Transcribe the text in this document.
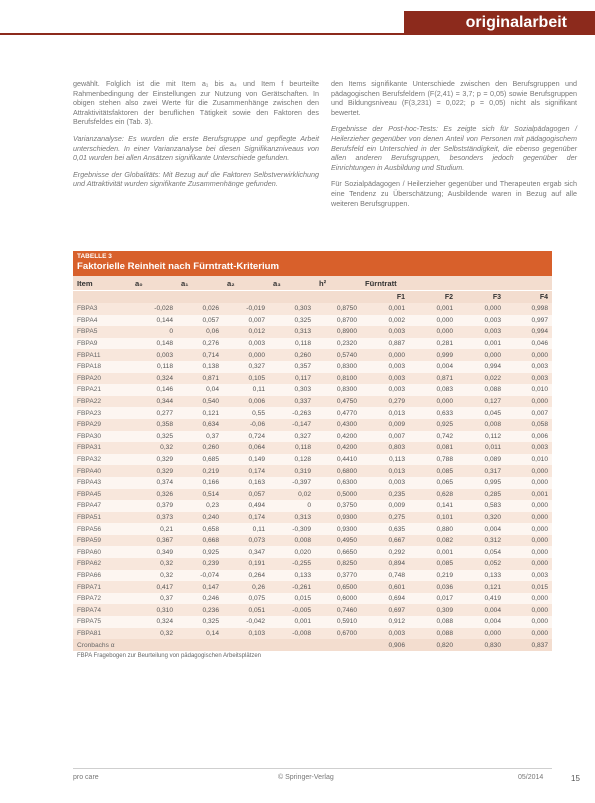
originalarbeit

gewählt. Folglich ist die mit Item a₁ bis a₄ und Item f beurteilte Rahmenbedingung der Einstellungen zur Nutzung von Gerätschaften. In obigen stehen also zwei Werte für die Zusammenhänge zwischen den Attraktivitätsfaktoren der beruflichen Tätigkeit sowie den Faktoren des Berufsfeldes ein (Tab. 3).

Varianzanalyse: Es wurden die erste Berufsgruppe und gepflegte Arbeit unterschieden. In einer Varianzanalyse bei diesen Signifikanzniveaus von 0,01 wurden bei allen Ansätzen signifikante Unterschiede gefunden.

Ergebnisse der Globalitäts: Mit Bezug auf die Faktoren Selbstverwirklichung und Attraktivität wurden signifikante Zusammenhänge gefunden.

den Items signifikante Unterschiede zwischen den Berufsgruppen und pädagogischen Berufsfeldern (F(2,41) = 3,7; p = 0,05) sowie Berufsgruppen und Bildungsniveau (F(3,231) = 0,022; p = 0,05) nicht als signifikant bewertet.

Ergebnisse der Post-hoc-Tests: Es zeigte sich für Sozialpädagogen / Heilerzieher gegenüber von denen Anteil von Personen mit pädagogischem Berufsfeld ein Unterschied in der Selbstständigkeit, die ebenso gegenüber allen anderen Berufsgruppen, besonders jedoch gegenüber der Einrichtungen in Ausbildung und Studium.

Für Sozialpädagogen / Heilerzieher gegenüber und Therapeuten ergab sich eine Tendenz zu Überschätzung; Ausbildende waren in Bezug auf alle weiteren Berufsgruppen.

TABELLE 3
Faktorielle Reinheit nach Fürntratt-Kriterium
Item	a₀	a₁	a₂	a₃	h²	Fürntratt			
						F1	F2	F3	F4
FBPA3	-0,028	0,026	-0,019	0,303	0,8750	0,001	0,001	0,000	0,998
FBPA4	0,144	0,057	0,007	0,325	0,8700	0,002	0,000	0,003	0,997
FBPA5	0	0,06	0,012	0,313	0,8900	0,003	0,000	0,003	0,994
FBPA9	0,148	0,276	0,003	0,118	0,2320	0,887	0,281	0,001	0,046
FBPA11	0,003	0,714	0,000	0,260	0,5740	0,000	0,999	0,000	0,000
FBPA18	0,118	0,138	0,327	0,357	0,8300	0,003	0,004	0,994	0,003
FBPA20	0,324	0,871	0,105	0,117	0,8100	0,003	0,871	0,022	0,003
FBPA21	0,146	0,04	0,11	0,303	0,8300	0,003	0,083	0,088	0,010
FBPA22	0,344	0,540	0,006	0,337	0,4750	0,279	0,000	0,127	0,000
FBPA23	0,277	0,121	0,55	-0,263	0,4770	0,013	0,633	0,045	0,007
FBPA29	0,358	0,634	-0,06	-0,147	0,4300	0,009	0,925	0,008	0,058
FBPA30	0,325	0,37	0,724	0,327	0,4200	0,007	0,742	0,112	0,006
FBPA31	0,32	0,260	0,064	0,118	0,4200	0,803	0,081	0,011	0,003
FBPA32	0,329	0,685	0,149	0,128	0,4410	0,113	0,788	0,089	0,010
FBPA40	0,329	0,219	0,174	0,319	0,6800	0,013	0,085	0,317	0,000
FBPA43	0,374	0,166	0,163	-0,397	0,6300	0,003	0,065	0,995	0,000
FBPA45	0,326	0,514	0,057	0,02	0,5000	0,235	0,628	0,285	0,001
FBPA47	0,379	0,23	0,494	0	0,3750	0,009	0,141	0,583	0,000
FBPA51	0,373	0,240	0,174	0,313	0,9300	0,275	0,101	0,320	0,000
FBPA56	0,21	0,658	0,11	-0,309	0,9300	0,635	0,880	0,004	0,000
FBPA59	0,367	0,668	0,073	0,008	0,4950	0,667	0,082	0,312	0,000
FBPA60	0,349	0,925	0,347	0,020	0,6650	0,292	0,001	0,054	0,000
FBPA62	0,32	0,239	0,191	-0,255	0,8250	0,894	0,085	0,052	0,000
FBPA66	0,32	-0,074	0,264	0,133	0,3770	0,748	0,219	0,133	0,003
FBPA71	0,417	0,147	0,26	-0,261	0,6500	0,601	0,036	0,121	0,015
FBPA72	0,37	0,246	0,075	0,015	0,6000	0,694	0,017	0,419	0,000
FBPA74	0,310	0,236	0,051	-0,005	0,7460	0,697	0,309	0,004	0,000
FBPA75	0,324	0,325	-0,042	0,001	0,5910	0,912	0,088	0,004	0,000
FBPA81	0,32	0,14	0,103	-0,008	0,6700	0,003	0,088	0,000	0,000
Cronbachs α						0,906	0,820	0,830	0,837
FBPA Fragebogen zur Beurteilung von pädagogischen Arbeitsplätzen
pro care	© Springer-Verlag	05/2014	15
